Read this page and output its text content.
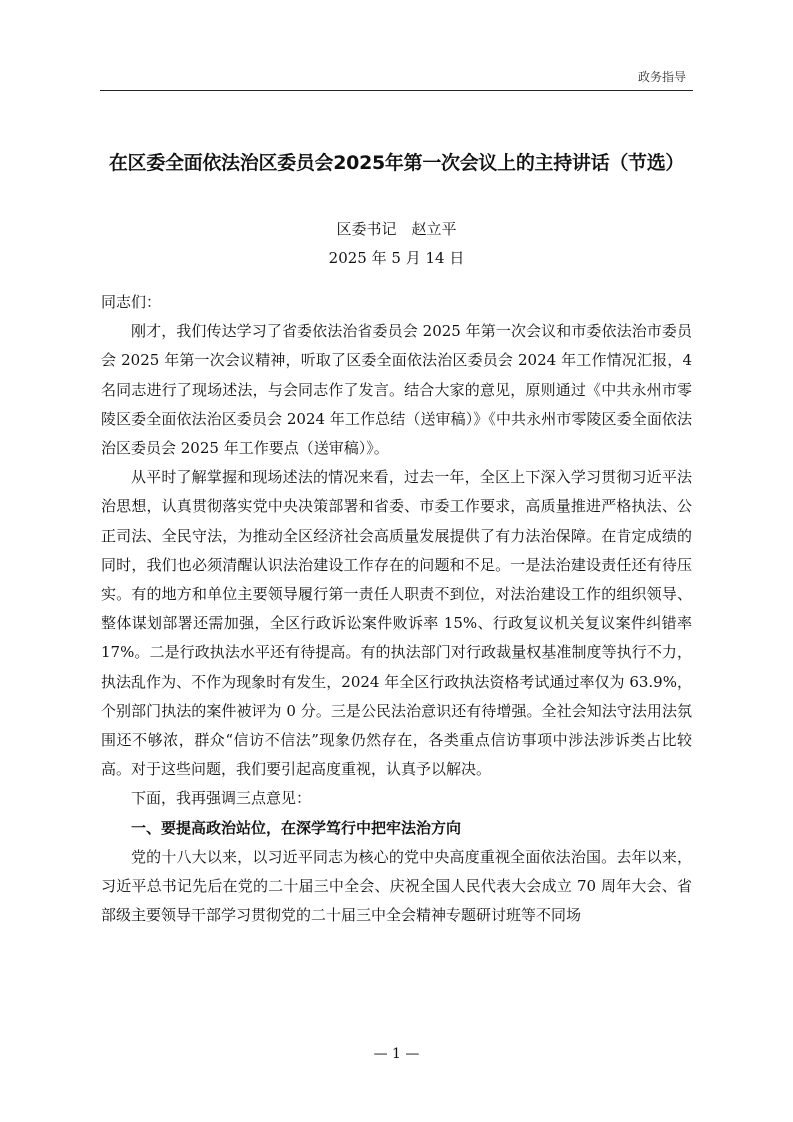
政务指导
在区委全面依法治区委员会2025年第一次会议上的主持讲话（节选）
区委书记　赵立平
2025 年 5 月 14 日

同志们：

刚才，我们传达学习了省委依法治省委员会 2025 年第一次会议和市委依法治市委员会 2025 年第一次会议精神，听取了区委全面依法治区委员会 2024 年工作情况汇报，4 名同志进行了现场述法，与会同志作了发言。结合大家的意见，原则通过《中共永州市零陵区委全面依法治区委员会 2024 年工作总结（送审稿）》《中共永州市零陵区委全面依法治区委员会 2025 年工作要点（送审稿）》。

从平时了解掌握和现场述法的情况来看，过去一年，全区上下深入学习贯彻习近平法治思想，认真贯彻落实党中央决策部署和省委、市委工作要求，高质量推进严格执法、公正司法、全民守法，为推动全区经济社会高质量发展提供了有力法治保障。在肯定成绩的同时，我们也必须清醒认识法治建设工作存在的问题和不足。一是法治建设责任还有待压实。有的地方和单位主要领导履行第一责任人职责不到位，对法治建设工作的组织领导、整体谋划部署还需加强，全区行政诉讼案件败诉率 15%、行政复议机关复议案件纠错率 17%。二是行政执法水平还有待提高。有的执法部门对行政裁量权基准制度等执行不力，执法乱作为、不作为现象时有发生，2024 年全区行政执法资格考试通过率仅为 63.9%，个别部门执法的案件被评为 0 分。三是公民法治意识还有待增强。全社会知法守法用法氛围还不够浓，群众“信访不信法”现象仍然存在，各类重点信访事项中涉法涉诉类占比较高。对于这些问题，我们要引起高度重视，认真予以解决。

下面，我再强调三点意见：

一、要提高政治站位，在深学笃行中把牢法治方向

党的十八大以来，以习近平同志为核心的党中央高度重视全面依法治国。去年以来，习近平总书记先后在党的二十届三中全会、庆祝全国人民代表大会成立 70 周年大会、省部级主要领导干部学习贯彻党的二十届三中全会精神专题研讨班等不同场

— 1 —
